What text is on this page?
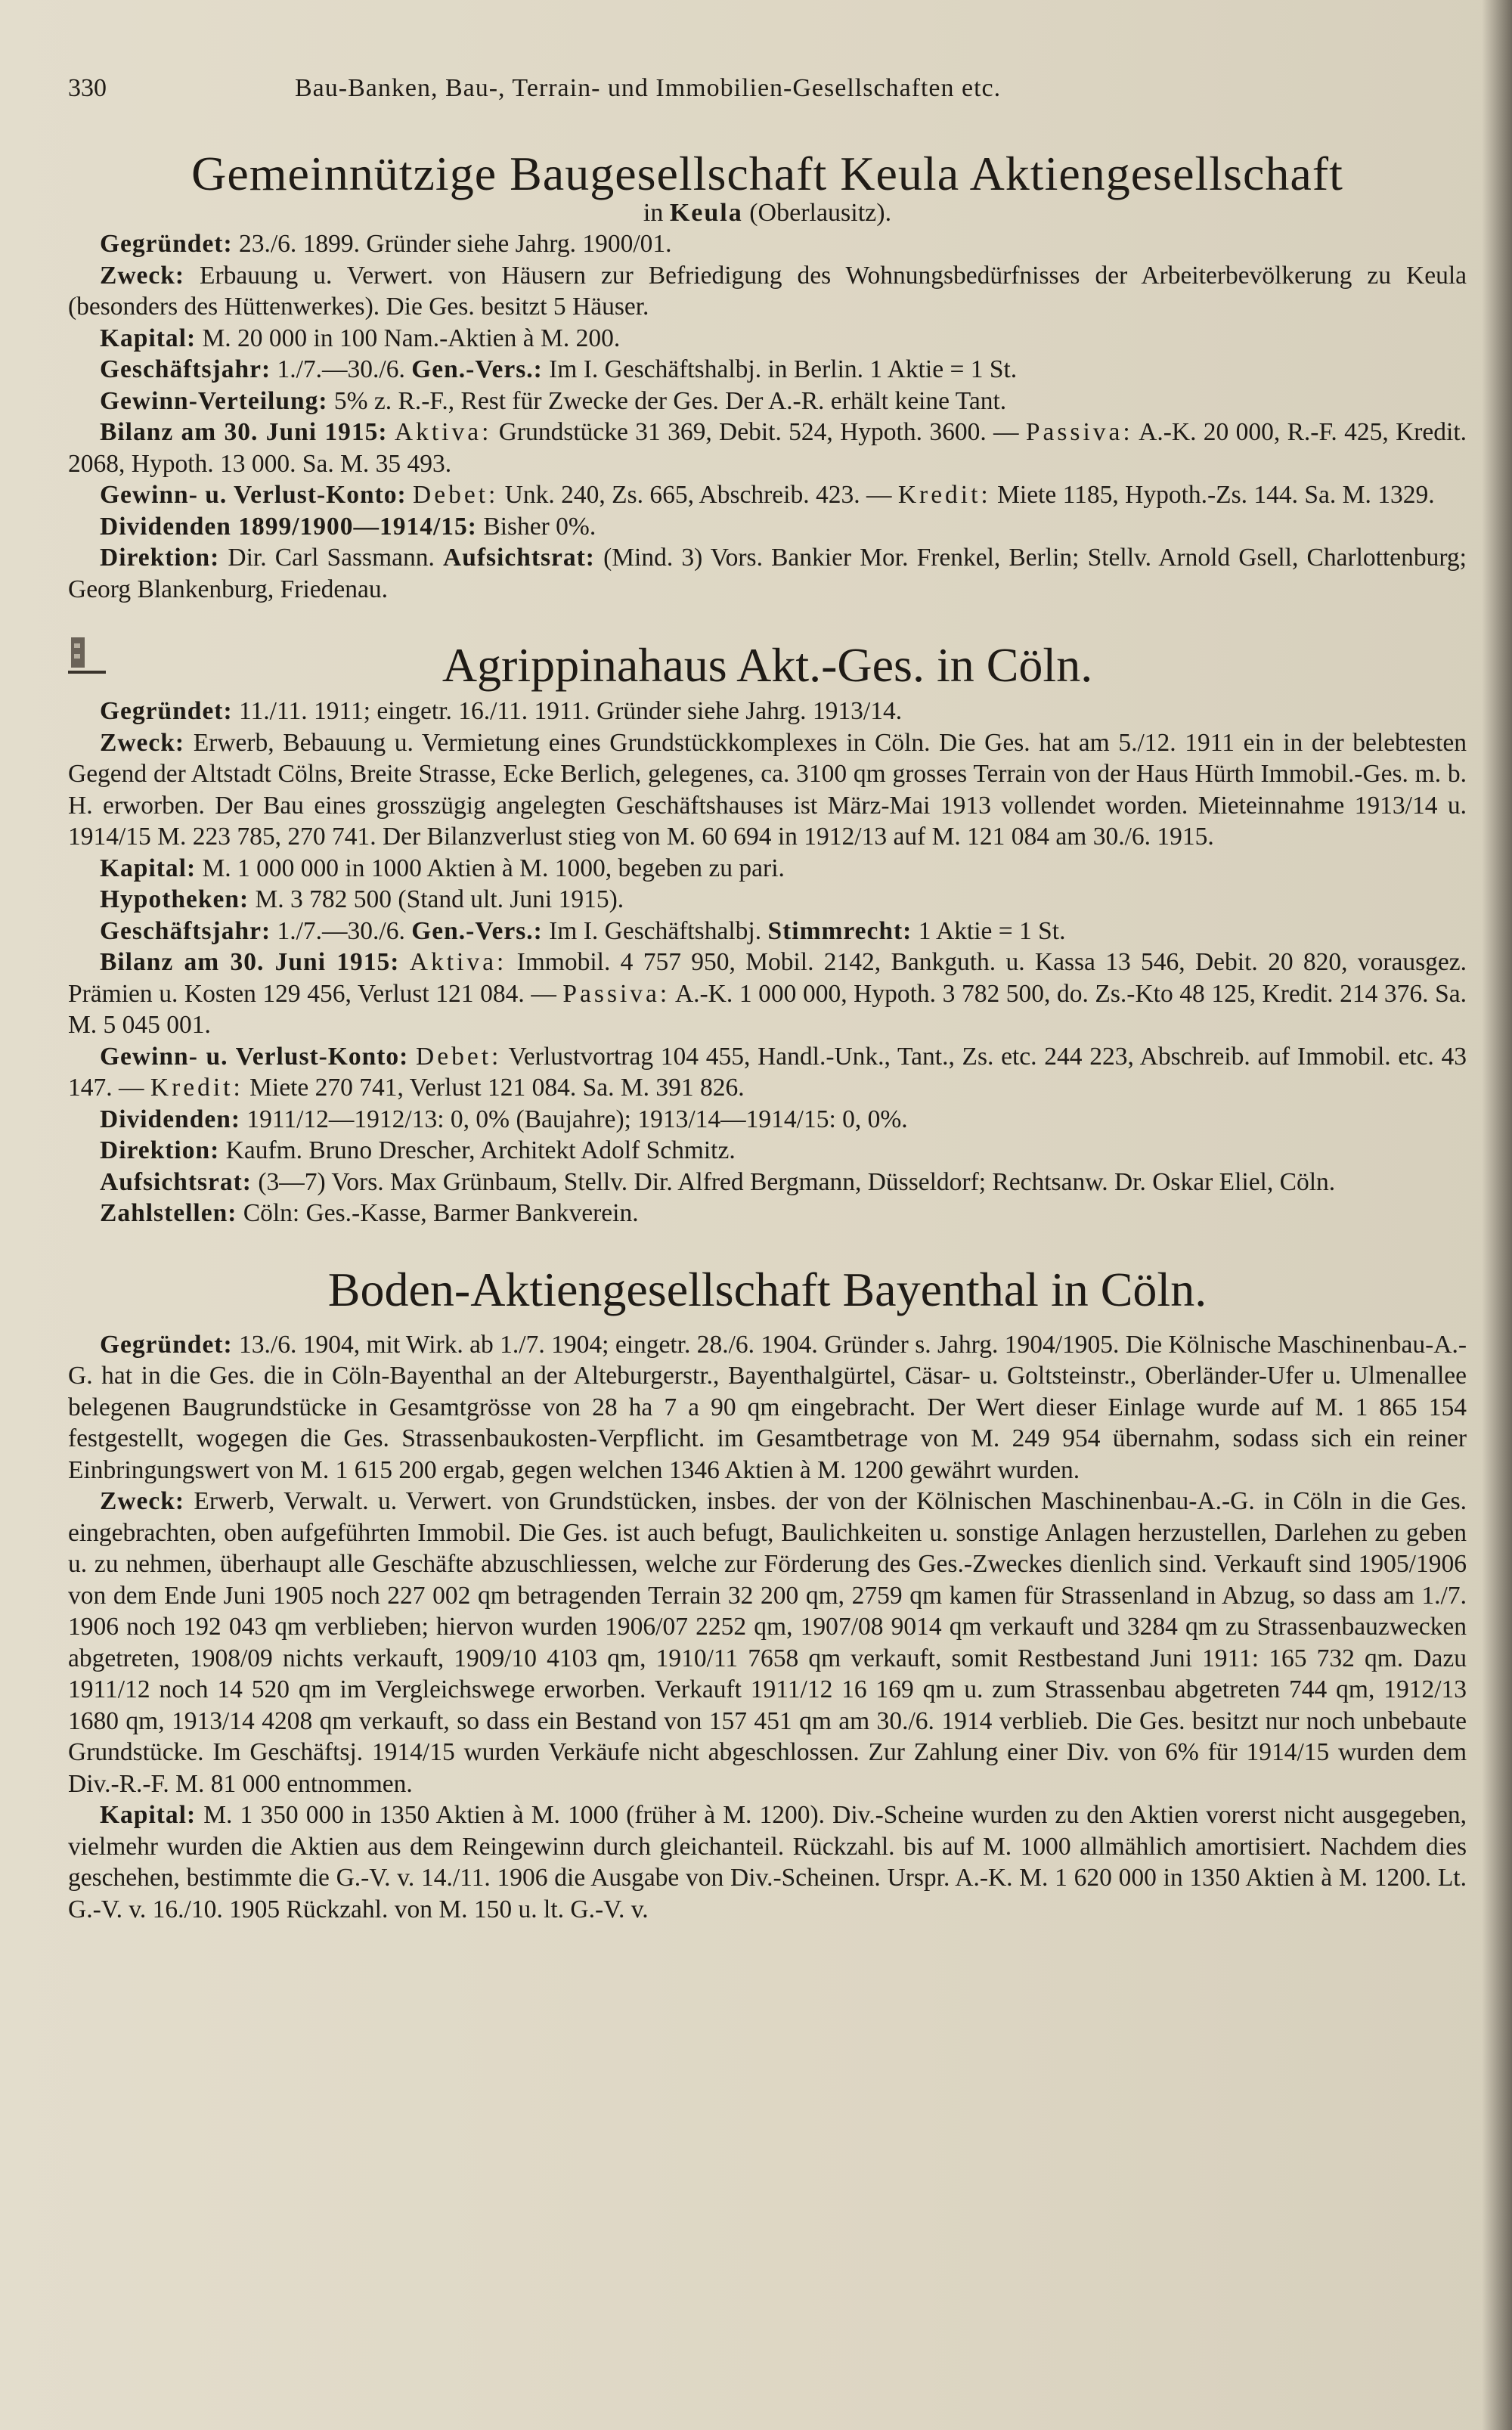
330	Bau-Banken, Bau-, Terrain- und Immobilien-Gesellschaften etc.
Gemeinnützige Baugesellschaft Keula Aktiengesellschaft
in Keula (Oberlausitz).

Gegründet: 23./6. 1899. Gründer siehe Jahrg. 1900/01.

Zweck: Erbauung u. Verwert. von Häusern zur Befriedigung des Wohnungsbedürfnisses der Arbeiterbevölkerung zu Keula (besonders des Hüttenwerkes). Die Ges. besitzt 5 Häuser.

Kapital: M. 20 000 in 100 Nam.-Aktien à M. 200.

Geschäftsjahr: 1./7.—30./6. Gen.-Vers.: Im I. Geschäftshalbj. in Berlin. 1 Aktie = 1 St.

Gewinn-Verteilung: 5% z. R.-F., Rest für Zwecke der Ges. Der A.-R. erhält keine Tant.

Bilanz am 30. Juni 1915: Aktiva: Grundstücke 31 369, Debit. 524, Hypoth. 3600. — Passiva: A.-K. 20 000, R.-F. 425, Kredit. 2068, Hypoth. 13 000. Sa. M. 35 493.

Gewinn- u. Verlust-Konto: Debet: Unk. 240, Zs. 665, Abschreib. 423. — Kredit: Miete 1185, Hypoth.-Zs. 144. Sa. M. 1329.

Dividenden 1899/1900—1914/15: Bisher 0%.

Direktion: Dir. Carl Sassmann. Aufsichtsrat: (Mind. 3) Vors. Bankier Mor. Frenkel, Berlin; Stellv. Arnold Gsell, Charlottenburg; Georg Blankenburg, Friedenau.

Agrippinahaus Akt.-Ges. in Cöln.

Gegründet: 11./11. 1911; eingetr. 16./11. 1911. Gründer siehe Jahrg. 1913/14.

Zweck: Erwerb, Bebauung u. Vermietung eines Grundstückkomplexes in Cöln. Die Ges. hat am 5./12. 1911 ein in der belebtesten Gegend der Altstadt Cölns, Breite Strasse, Ecke Berlich, gelegenes, ca. 3100 qm grosses Terrain von der Haus Hürth Immobil.-Ges. m. b. H. erworben. Der Bau eines grosszügig angelegten Geschäftshauses ist März-Mai 1913 vollendet worden. Mieteinnahme 1913/14 u. 1914/15 M. 223 785, 270 741. Der Bilanzverlust stieg von M. 60 694 in 1912/13 auf M. 121 084 am 30./6. 1915.

Kapital: M. 1 000 000 in 1000 Aktien à M. 1000, begeben zu pari.

Hypotheken: M. 3 782 500 (Stand ult. Juni 1915).

Geschäftsjahr: 1./7.—30./6. Gen.-Vers.: Im I. Geschäftshalbj. Stimmrecht: 1 Aktie = 1 St.

Bilanz am 30. Juni 1915: Aktiva: Immobil. 4 757 950, Mobil. 2142, Bankguth. u. Kassa 13 546, Debit. 20 820, vorausgez. Prämien u. Kosten 129 456, Verlust 121 084. — Passiva: A.-K. 1 000 000, Hypoth. 3 782 500, do. Zs.-Kto 48 125, Kredit. 214 376. Sa. M. 5 045 001.

Gewinn- u. Verlust-Konto: Debet: Verlustvortrag 104 455, Handl.-Unk., Tant., Zs. etc. 244 223, Abschreib. auf Immobil. etc. 43 147. — Kredit: Miete 270 741, Verlust 121 084. Sa. M. 391 826.

Dividenden: 1911/12—1912/13: 0, 0% (Baujahre); 1913/14—1914/15: 0, 0%.

Direktion: Kaufm. Bruno Drescher, Architekt Adolf Schmitz.

Aufsichtsrat: (3—7) Vors. Max Grünbaum, Stellv. Dir. Alfred Bergmann, Düsseldorf; Rechtsanw. Dr. Oskar Eliel, Cöln.

Zahlstellen: Cöln: Ges.-Kasse, Barmer Bankverein.

Boden-Aktiengesellschaft Bayenthal in Cöln.

Gegründet: 13./6. 1904, mit Wirk. ab 1./7. 1904; eingetr. 28./6. 1904. Gründer s. Jahrg. 1904/1905. Die Kölnische Maschinenbau-A.-G. hat in die Ges. die in Cöln-Bayenthal an der Alteburgerstr., Bayenthalgürtel, Cäsar- u. Goltsteinstr., Oberländer-Ufer u. Ulmenallee belegenen Baugrundstücke in Gesamtgrösse von 28 ha 7 a 90 qm eingebracht. Der Wert dieser Einlage wurde auf M. 1 865 154 festgestellt, wogegen die Ges. Strassenbaukosten-Verpflicht. im Gesamtbetrage von M. 249 954 übernahm, sodass sich ein reiner Einbringungswert von M. 1 615 200 ergab, gegen welchen 1346 Aktien à M. 1200 gewährt wurden.

Zweck: Erwerb, Verwalt. u. Verwert. von Grundstücken, insbes. der von der Kölnischen Maschinenbau-A.-G. in Cöln in die Ges. eingebrachten, oben aufgeführten Immobil. Die Ges. ist auch befugt, Baulichkeiten u. sonstige Anlagen herzustellen, Darlehen zu geben u. zu nehmen, überhaupt alle Geschäfte abzuschliessen, welche zur Förderung des Ges.-Zweckes dienlich sind. Verkauft sind 1905/1906 von dem Ende Juni 1905 noch 227 002 qm betragenden Terrain 32 200 qm, 2759 qm kamen für Strassenland in Abzug, so dass am 1./7. 1906 noch 192 043 qm verblieben; hiervon wurden 1906/07 2252 qm, 1907/08 9014 qm verkauft und 3284 qm zu Strassenbauzwecken abgetreten, 1908/09 nichts verkauft, 1909/10 4103 qm, 1910/11 7658 qm verkauft, somit Restbestand Juni 1911: 165 732 qm. Dazu 1911/12 noch 14 520 qm im Vergleichswege erworben. Verkauft 1911/12 16 169 qm u. zum Strassenbau abgetreten 744 qm, 1912/13 1680 qm, 1913/14 4208 qm verkauft, so dass ein Bestand von 157 451 qm am 30./6. 1914 verblieb. Die Ges. besitzt nur noch unbebaute Grundstücke. Im Geschäftsj. 1914/15 wurden Verkäufe nicht abgeschlossen. Zur Zahlung einer Div. von 6% für 1914/15 wurden dem Div.-R.-F. M. 81 000 entnommen.

Kapital: M. 1 350 000 in 1350 Aktien à M. 1000 (früher à M. 1200). Div.-Scheine wurden zu den Aktien vorerst nicht ausgegeben, vielmehr wurden die Aktien aus dem Reingewinn durch gleichanteil. Rückzahl. bis auf M. 1000 allmählich amortisiert. Nachdem dies geschehen, bestimmte die G.-V. v. 14./11. 1906 die Ausgabe von Div.-Scheinen. Urspr. A.-K. M. 1 620 000 in 1350 Aktien à M. 1200. Lt. G.-V. v. 16./10. 1905 Rückzahl. von M. 150 u. lt. G.-V. v.
